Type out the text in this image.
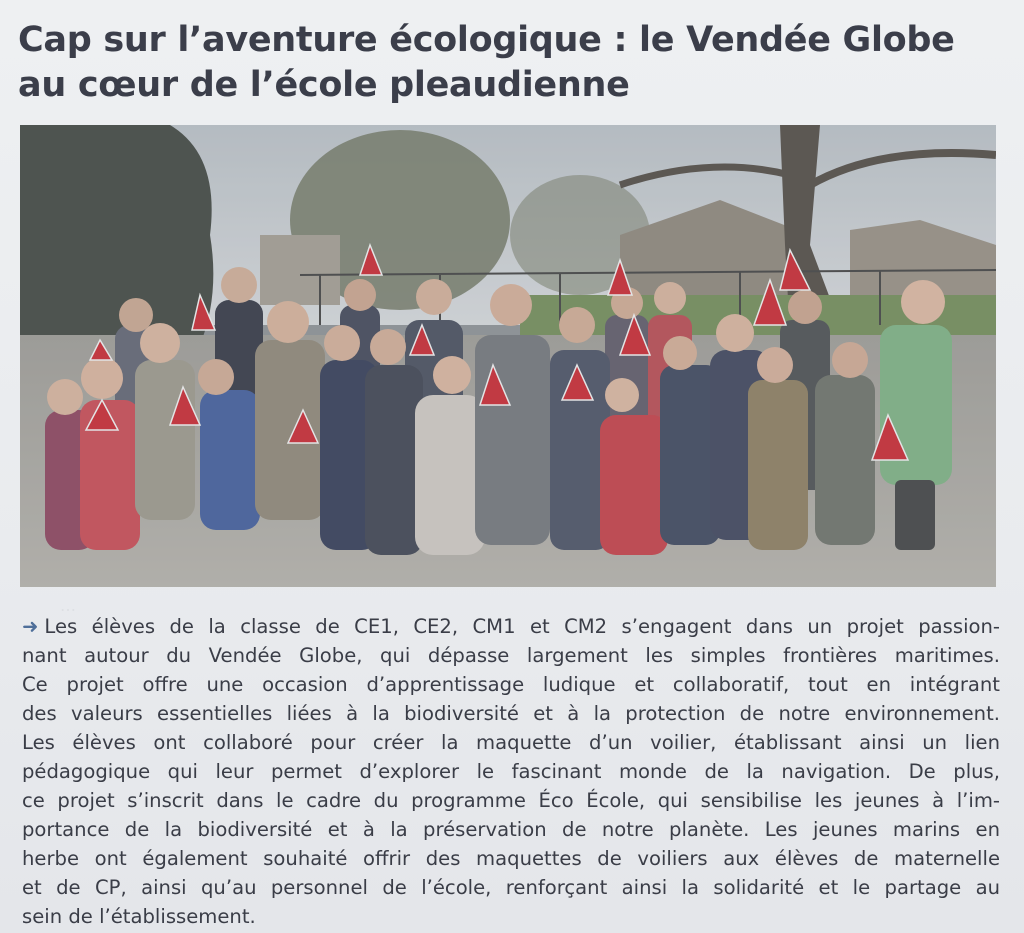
Cap sur l’aventure écologique : le Vendée Globe
au cœur de l’école pleaudienne
…

➜ Les élèves de la classe de CE1, CE2, CM1 et CM2 s’engagent dans un projet passion-
nant autour du Vendée Globe, qui dépasse largement les simples frontières maritimes.
Ce projet offre une occasion d’apprentissage ludique et collaboratif, tout en intégrant
des valeurs essentielles liées à la biodiversité et à la protection de notre environnement.
Les élèves ont collaboré pour créer la maquette d’un voilier, établissant ainsi un lien
pédagogique qui leur permet d’explorer le fascinant monde de la navigation. De plus,
ce projet s’inscrit dans le cadre du programme Éco École, qui sensibilise les jeunes à l’im-
portance de la biodiversité et à la préservation de notre planète. Les jeunes marins en
herbe ont également souhaité offrir des maquettes de voiliers aux élèves de maternelle
et de CP, ainsi qu’au personnel de l’école, renforçant ainsi la solidarité et le partage au
sein de l’établissement.
